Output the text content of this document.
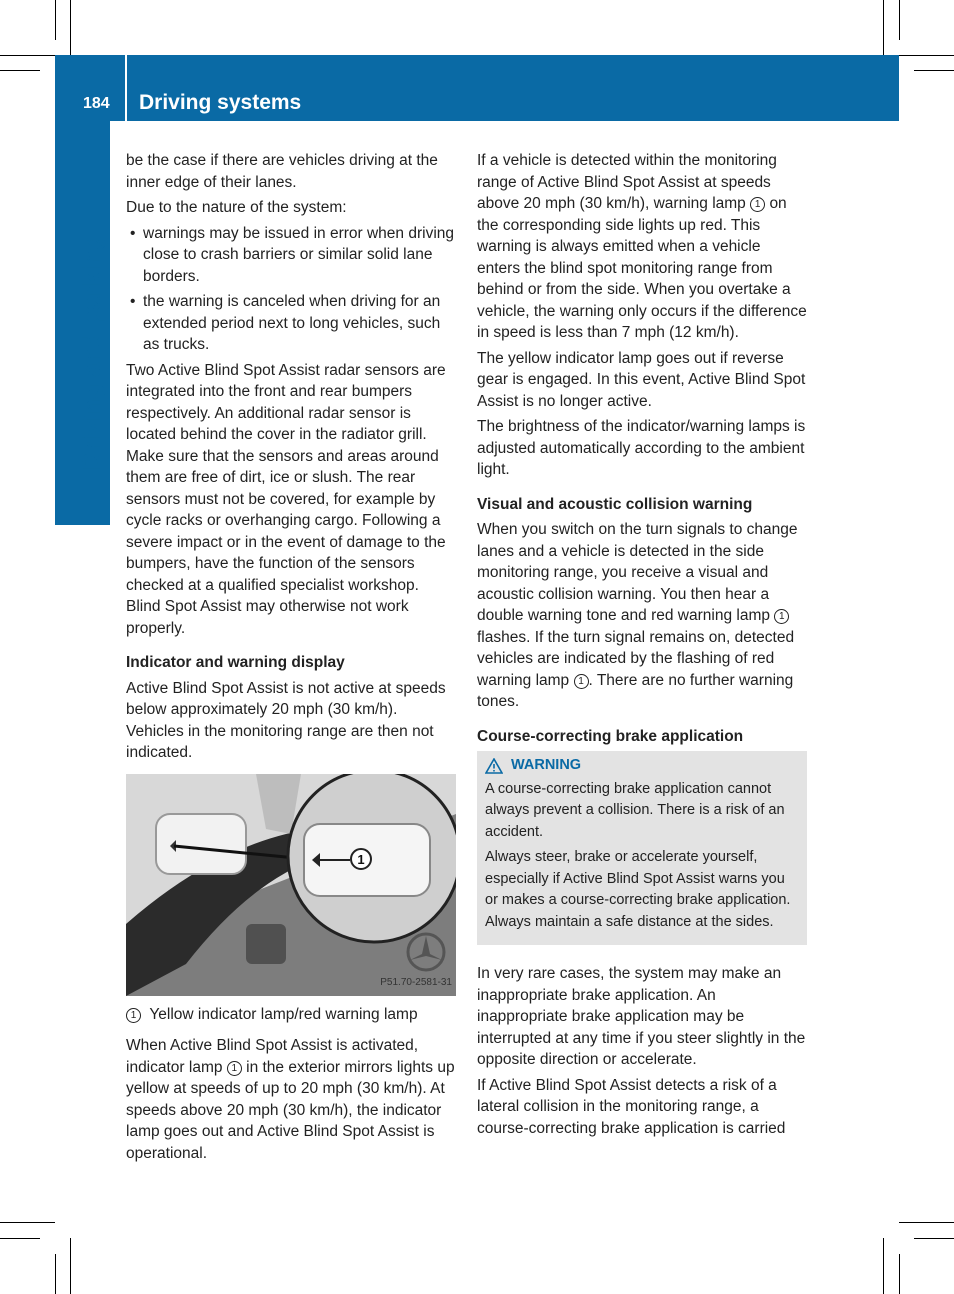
184 Driving systems
Driving and parking

be the case if there are vehicles driving at the inner edge of their lanes.

Due to the nature of the system:

• warnings may be issued in error when driving close to crash barriers or similar solid lane borders.
• the warning is canceled when driving for an extended period next to long vehicles, such as trucks.

Two Active Blind Spot Assist radar sensors are integrated into the front and rear bumpers respectively. An additional radar sensor is located behind the cover in the radiator grill. Make sure that the sensors and areas around them are free of dirt, ice or slush. The rear sensors must not be covered, for example by cycle racks or overhanging cargo. Following a severe impact or in the event of damage to the bumpers, have the function of the sensors checked at a qualified specialist workshop. Blind Spot Assist may otherwise not work properly.

Indicator and warning display

Active Blind Spot Assist is not active at speeds below approximately 20 mph (30 km/h). Vehicles in the monitoring range are then not indicated.

1
P51.70-2581-31

1 Yellow indicator lamp/red warning lamp

When Active Blind Spot Assist is activated, indicator lamp 1 in the exterior mirrors lights up yellow at speeds of up to 20 mph (30 km/h). At speeds above 20 mph (30 km/h), the indicator lamp goes out and Active Blind Spot Assist is operational.

If a vehicle is detected within the monitoring range of Active Blind Spot Assist at speeds above 20 mph (30 km/h), warning lamp 1 on the corresponding side lights up red. This warning is always emitted when a vehicle enters the blind spot monitoring range from behind or from the side. When you overtake a vehicle, the warning only occurs if the difference in speed is less than 7 mph (12 km/h).

The yellow indicator lamp goes out if reverse gear is engaged. In this event, Active Blind Spot Assist is no longer active.

The brightness of the indicator/warning lamps is adjusted automatically according to the ambient light.

Visual and acoustic collision warning

When you switch on the turn signals to change lanes and a vehicle is detected in the side monitoring range, you receive a visual and acoustic collision warning. You then hear a double warning tone and red warning lamp 1 flashes. If the turn signal remains on, detected vehicles are indicated by the flashing of red warning lamp 1 . There are no further warning tones.

Course-correcting brake application
WARNING

A course-correcting brake application cannot always prevent a collision. There is a risk of an accident.

Always steer, brake or accelerate yourself, especially if Active Blind Spot Assist warns you or makes a course-correcting brake application. Always maintain a safe distance at the sides.

In very rare cases, the system may make an inappropriate brake application. An inappropriate brake application may be interrupted at any time if you steer slightly in the opposite direction or accelerate.

If Active Blind Spot Assist detects a risk of a lateral collision in the monitoring range, a course-correcting brake application is carried
